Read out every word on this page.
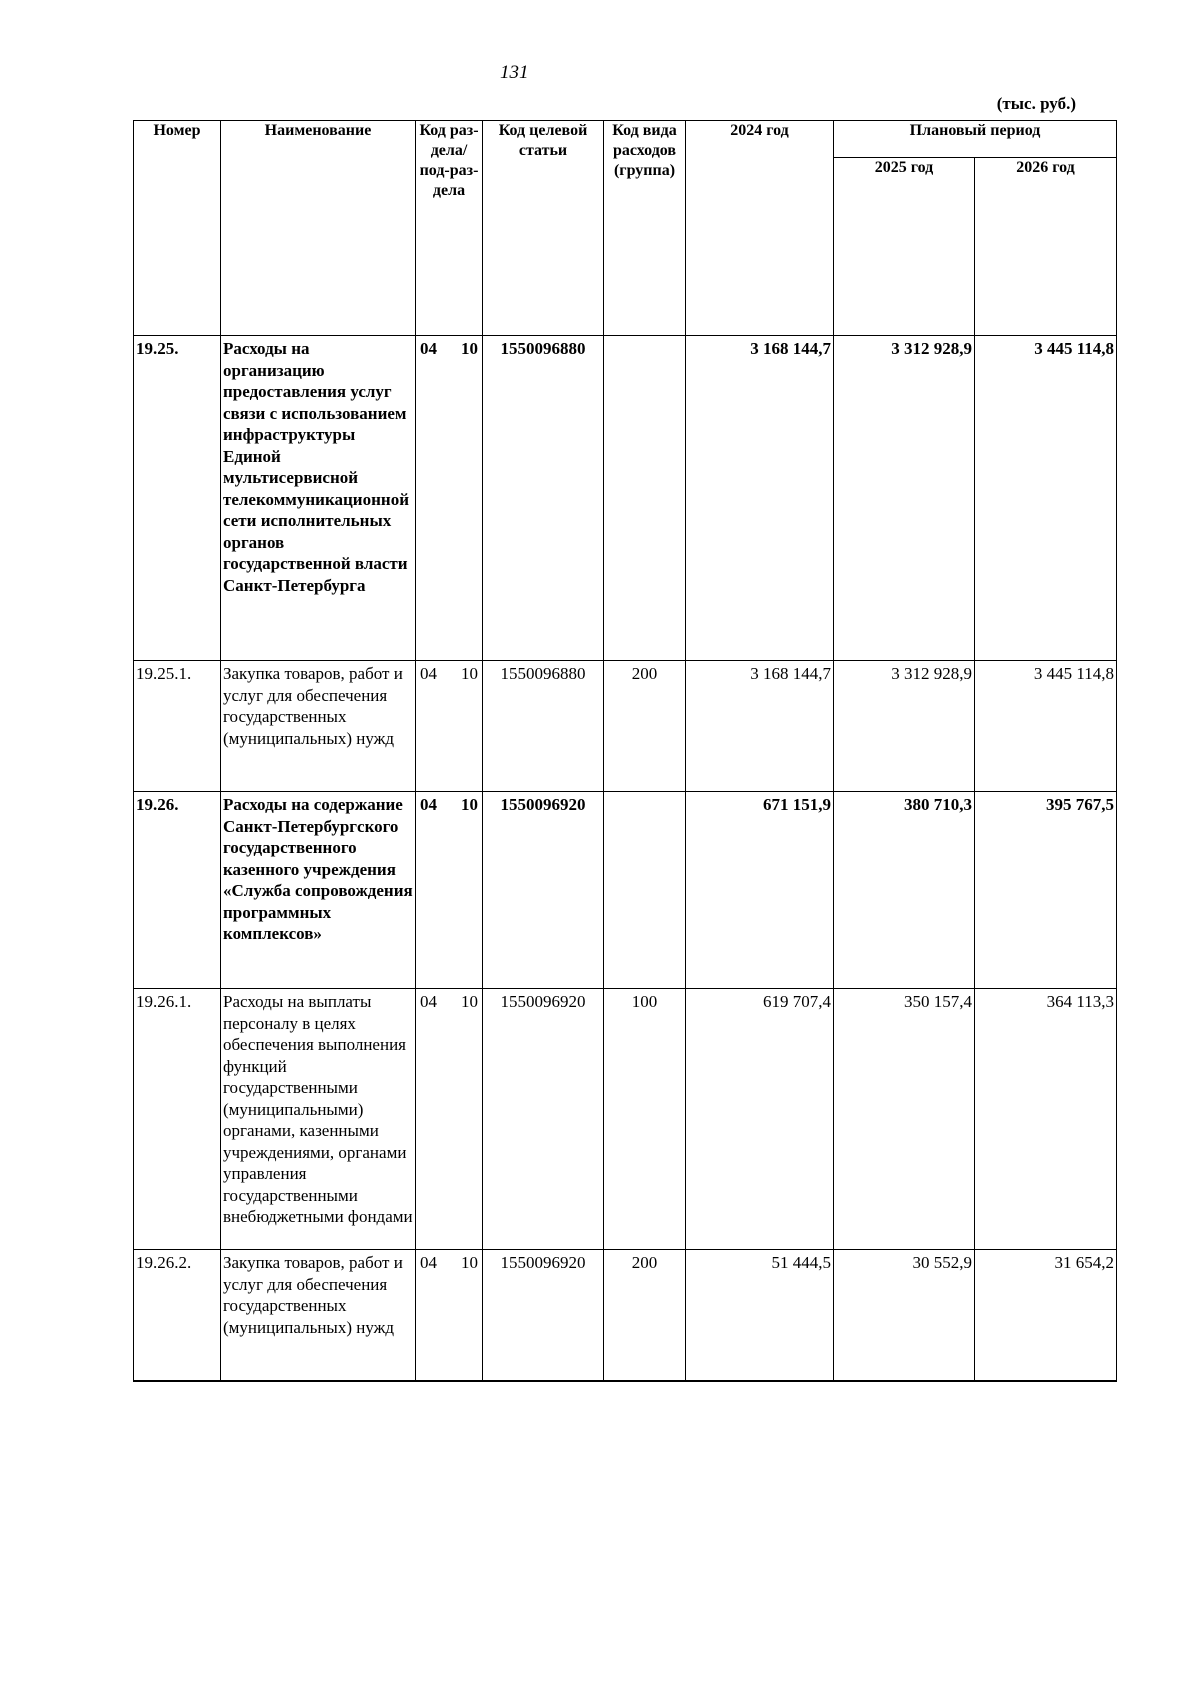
131
(тыс. руб.)
Номер	Наименование	Код раз-дела/ под-раз-дела	Код целевой статьи	Код вида расходов (группа)	2024 год	Плановый период	
						2025 год	2026 год
19.25.	Расходы на организацию предоставления услуг связи с использованием инфраструктуры Единой мультисервисной телекоммуникационной сети исполнительных органов государственной власти Санкт-Петербурга	04 10	1550096880		3 168 144,7	3 312 928,9	3 445 114,8
19.25.1.	Закупка товаров, работ и услуг для обеспечения государственных (муниципальных) нужд	04 10	1550096880	200	3 168 144,7	3 312 928,9	3 445 114,8
19.26.	Расходы на содержание Санкт-Петербургского государственного казенного учреждения «Служба сопровождения программных комплексов»	04 10	1550096920		671 151,9	380 710,3	395 767,5
19.26.1.	Расходы на выплаты персоналу в целях обеспечения выполнения функций государственными (муниципальными) органами, казенными учреждениями, органами управления государственными внебюджетными фондами	04 10	1550096920	100	619 707,4	350 157,4	364 113,3
19.26.2.	Закупка товаров, работ и услуг для обеспечения государственных (муниципальных) нужд	04 10	1550096920	200	51 444,5	30 552,9	31 654,2
